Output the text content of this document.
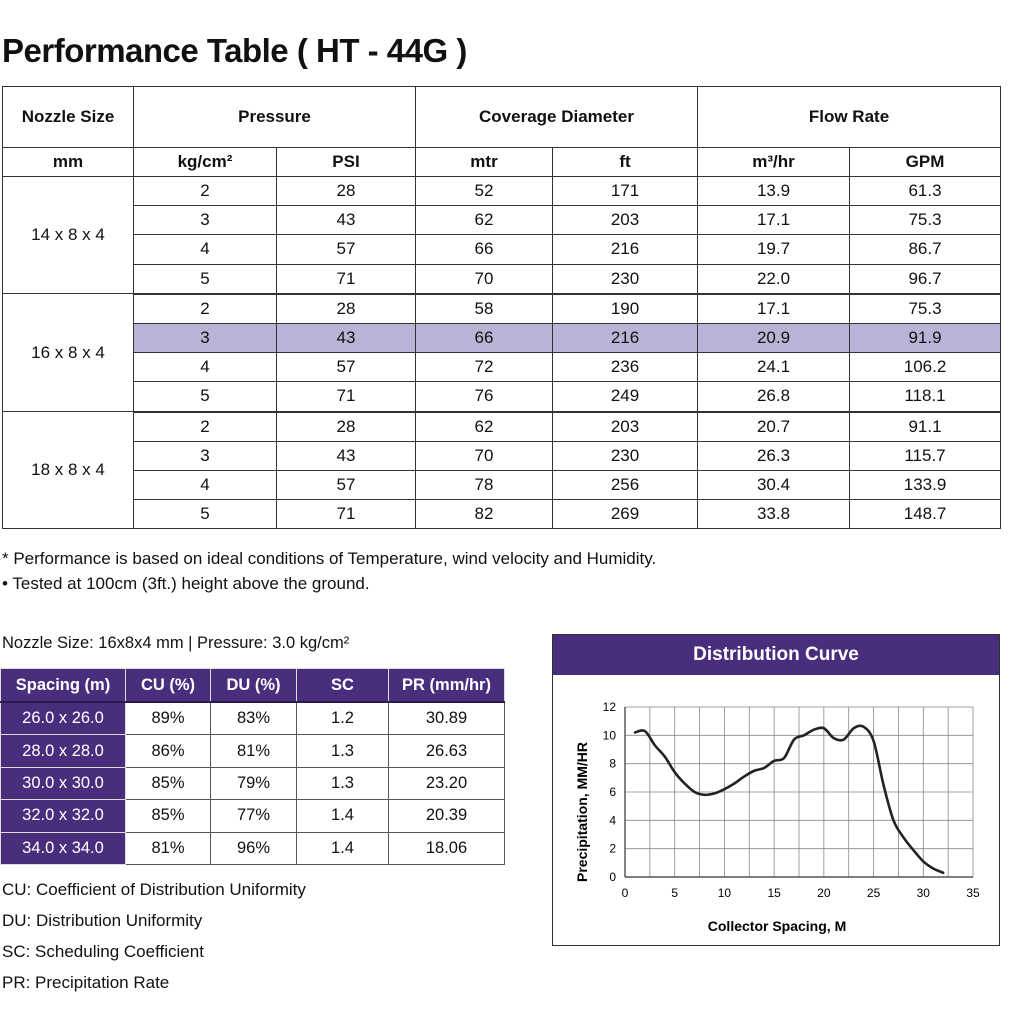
Performance Table ( HT - 44G )
Nozzle Size	Pressure		Coverage Diameter		Flow Rate	
mm	kg/cm²	PSI	mtr	ft	m³/hr	GPM
14 x 8 x 4	2	28	52	171	13.9	61.3
	3	43	62	203	17.1	75.3
	4	57	66	216	19.7	86.7
	5	71	70	230	22.0	96.7
16 x 8 x 4	2	28	58	190	17.1	75.3
	3	43	66	216	20.9	91.9
	4	57	72	236	24.1	106.2
	5	71	76	249	26.8	118.1
18 x 8 x 4	2	28	62	203	20.7	91.1
	3	43	70	230	26.3	115.7
	4	57	78	256	30.4	133.9
	5	71	82	269	33.8	148.7
* Performance is based on ideal conditions of Temperature, wind velocity and Humidity.
• Tested at 100cm (3ft.) height above the ground.
Nozzle Size: 16x8x4 mm | Pressure: 3.0 kg/cm²
Spacing (m)	CU (%)	DU (%)	SC	PR (mm/hr)
26.0 x 26.0	89%	83%	1.2	30.89
28.0 x 28.0	86%	81%	1.3	26.63
30.0 x 30.0	85%	79%	1.3	23.20
32.0 x 32.0	85%	77%	1.4	20.39
34.0 x 34.0	81%	96%	1.4	18.06
CU: Coefficient of Distribution Uniformity
DU: Distribution Uniformity
SC: Scheduling Coefficient
PR: Precipitation Rate
Distribution Curve
0	5	10	15	20	25	30	35
0
2
4
6
8
10
12
Collector Spacing, M
Precipitation, MM/HR
